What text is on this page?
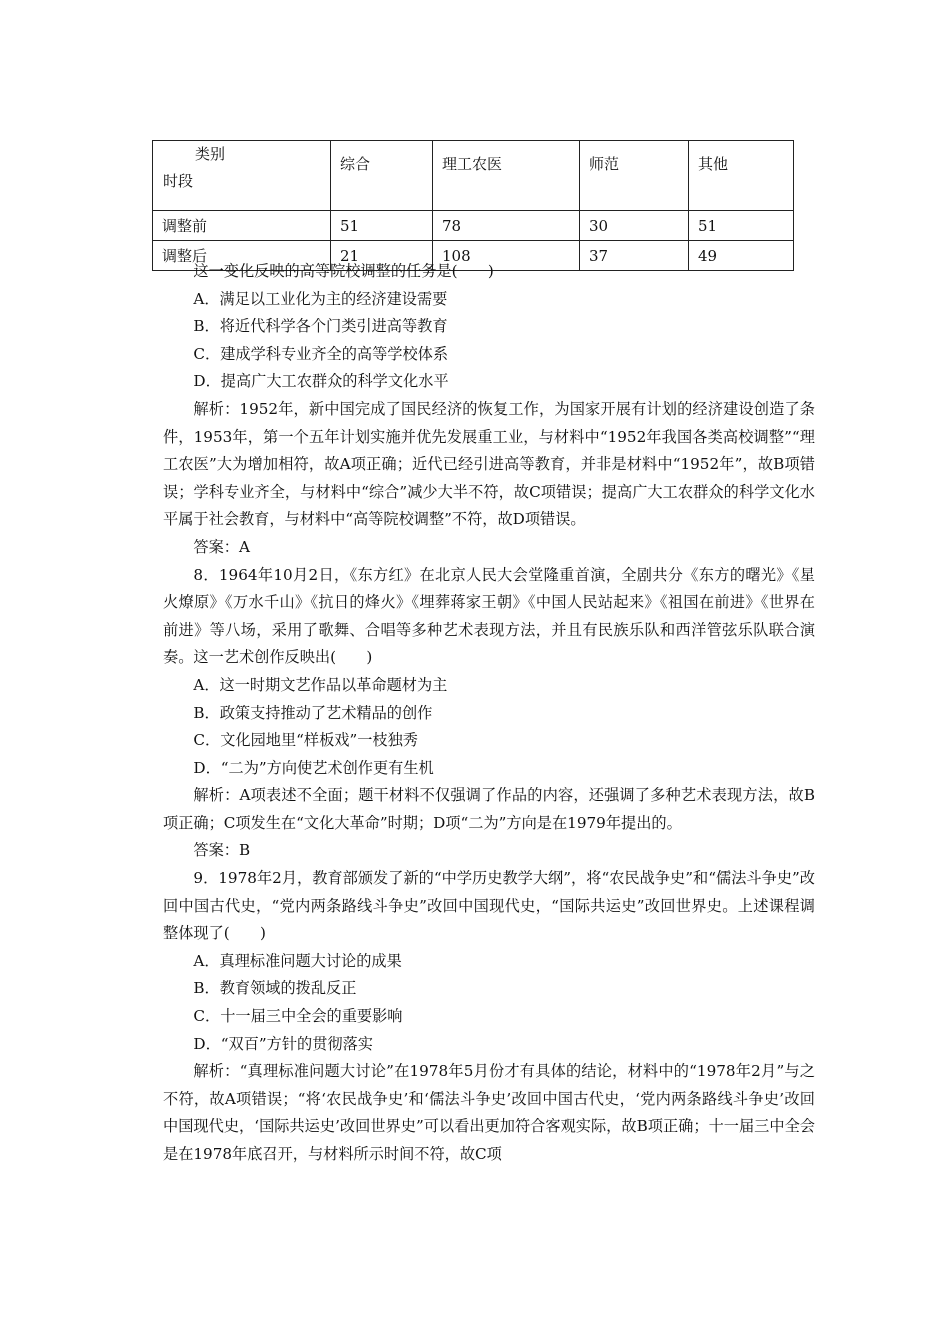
类别
时段	综合	理工农医	师范	其他
调整前	51	78	30	51
调整后	21	108	37	49

这一变化反映的高等院校调整的任务是(　　)

A．满足以工业化为主的经济建设需要

B．将近代科学各个门类引进高等教育

C．建成学科专业齐全的高等学校体系

D．提高广大工农群众的科学文化水平

解析：1952年，新中国完成了国民经济的恢复工作，为国家开展有计划的经济建设创造了条件，1953年，第一个五年计划实施并优先发展重工业，与材料中“1952年我国各类高校调整”“理工农医”大为增加相符，故A项正确；近代已经引进高等教育，并非是材料中“1952年”，故B项错误；学科专业齐全，与材料中“综合”减少大半不符，故C项错误；提高广大工农群众的科学文化水平属于社会教育，与材料中“高等院校调整”不符，故D项错误。

答案：A

8．1964年10月2日，《东方红》在北京人民大会堂隆重首演，全剧共分《东方的曙光》《星火燎原》《万水千山》《抗日的烽火》《埋葬蒋家王朝》《中国人民站起来》《祖国在前进》《世界在前进》等八场，采用了歌舞、合唱等多种艺术表现方法，并且有民族乐队和西洋管弦乐队联合演奏。这一艺术创作反映出(　　)

A．这一时期文艺作品以革命题材为主

B．政策支持推动了艺术精品的创作

C．文化园地里“样板戏”一枝独秀

D．“二为”方向使艺术创作更有生机

解析：A项表述不全面；题干材料不仅强调了作品的内容，还强调了多种艺术表现方法，故B项正确；C项发生在“文化大革命”时期；D项“二为”方向是在1979年提出的。

答案：B

9．1978年2月，教育部颁发了新的“中学历史教学大纲”，将“农民战争史”和“儒法斗争史”改回中国古代史，“党内两条路线斗争史”改回中国现代史，“国际共运史”改回世界史。上述课程调整体现了(　　)

A．真理标准问题大讨论的成果

B．教育领域的拨乱反正

C．十一届三中全会的重要影响

D．“双百”方针的贯彻落实

解析：“真理标准问题大讨论”在1978年5月份才有具体的结论，材料中的“1978年2月”与之不符，故A项错误；“将‘农民战争史’和‘儒法斗争史’改回中国古代史，‘党内两条路线斗争史’改回中国现代史，‘国际共运史’改回世界史”可以看出更加符合客观实际，故B项正确；十一届三中全会是在1978年底召开，与材料所示时间不符，故C项
